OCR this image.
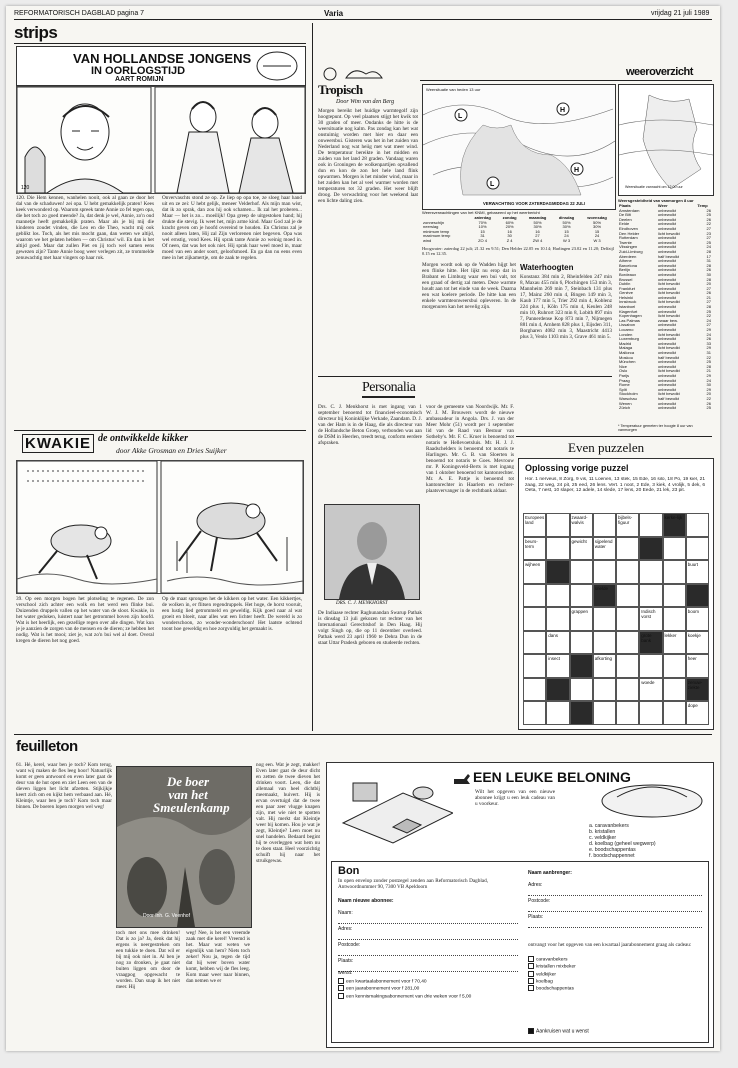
REFORMATORISCH DAGBLAD pagina 7	Varia	vrijdag 21 juli 1989
strips
120
VAN HOLLANDSE JONGENS
IN OORLOGSTIJD
AART ROMIJN
120. Die Hem kennen, wanhelen nooit, ook al gaan ze door het dal van de schaduwen! zei opa. U hebt gemakkelijk praten! Kees keek verwonderd op. Waarom spreek tante Annie zo fel tegen opa, die het toch zo goed meende? Ja, dat denk je wel, Annie, zo'n oud mannetje heeft gemakkelijk praten. Maar als je bij mij die kinderen zoudet vinden, die Leo en die Theo, wacht mij ook geblikt los. Toch, als het mis mocht gaan, dan weten we altijd, waarom we het gelaten hebben — om Christus' wil. En dan is het altijd goed. Maar dat zullen Piet en jij toch wel samen eens gewezen zijn? Tante Annie boog weer verlegen zit, ze trommelde zenuwachtig met haar vingers op haar rok.
Onvervaschts stond ze op. Ze liep op opa toe, ze sloeg haar hand uit en ze zei: U hebt gelijk, meneer Velderhof. Als mijn man wist, dat ik zo sprak, dan zou hij ook schamen... Ik zal het proberen... Maar — het is zo... moeilijk! Opa greep de uitgestoken hand; hij drukte die stevig. Ik weet het, mijn arme kind. Maar God zal je de kracht geven om je hoofd overeind te houden. En Christus zal je nooit alleen laten, Hij zal Zijn verlorenen niet begeven. Opa was wel ernstig, vond Kees. Hij sprak tante Annie zo weinig moed in. Of neen, dat was het ook niet. Hij sprak haar weel moed in, maar moed van een ander soort, geloofsmoed. En ga dan nu eens even mee in het zijkamertje, om de zaak te regelen.
KWAKIE de ontwikkelde kikker
door Akke Grosman en Dries Suijker
39. Op een morgen bogen het plotseling te regenen. De zon verschool zich achter een wolk en het werd een flinke bui. Duizenden druppels vallen op het water van de sloot. Kwakie, in het water gedoken, luistert naar het getrommel boven zijn hoofd. Wat is het heerlijk, een gezellige regen over alle dingen. Wat kun je je aanzien de zorgen van de mensen en de dieren; ze hebben het nodig. Wat is het mooi; ziet je, wat zo'n bui wel al doet. Overal kregen de dieren het nog goed.
Op de maat sprongen het de kikkers op het water. Een kikkertjes, de wolken in, er flitsen regendruppels. Het hoge, de horst vooruit, een lustig lied getrommeld en geweldig. Kijk goed naar al wat groeit en bloeit, naar alles wat een lichter heeft. De wereld is zo wonderschoon, zo wonder-wonderschoon! Het laatste ochtend toont hoe geweldig en hoe zorgvuldig het gemaakt is.
Tropisch
Door Wim van den Berg
Morgen bereikt het huidige warmtegolf zijn hoogtepunt. Op veel plaatsen stijgt het kwik tot 30 graden of meer. Ondanks de hitte is de weersituatie nog kalm. Pas zondag kan het wat onstuimig worden met hier en daar een onweersbui. Gisteren was het in het zuiden van Nederland nog wat heiig met wat meer wind. De temperatuur bereikte in het midden en zuiden van het land 28 graden. Vandaag waren ook in Groningen de wolkenpartijen opvallend dun en kon de zon het hele land flink opwarmen. Morgen is het minder wind, maar in het zuiden kan het al veel warmer worden met temperaturen tot 32 graden. Het weer blijft droog. De verwachting voor het weekend laat een lichte daling zien.
weeroverzicht
L
H
H
L
Weersituatie van heden 13 uur
VERWACHTING VOOR ZATERDAGMIDDAG 22 JULI
Weersituatie vannacht om 12.00 uur
Weersverwachtingen van het KNMI, gebaseerd op het weerbericht
	zaterdag	zondag	maandag	dinsdag	woensdag
zonneschijn	70%	60%	50%	50%	50%
neerslag	10%	20%	30%	30%	30%
minimum temp	15	16	16	15	15
maximum temp	31	30	27	24	24
wind	ZO 4	Z 4	ZW 4	W 3	W 3
Hoogwater: zaterdag 22 juli; 21.32 en 9.51; Den Helder 22.05 en 10.14; Harlingen 23.02 en 11.20; Delfzijl 0.15 en 12.35.
Morgen wordt ook op de Wadden hijgt het een flinke hitte. Het lijkt nu erop dat in Brabant en Limburg waar een bui valt, tot een graad of dertig zal meten. Deze warmte houdt aan tot het einde van de week. Daarna een wat koelere periode. De hitte kan een enkele warmteonweersbui opleveren. In de morgenuren kan het nevelig zijn.
Waterhoogten
Konstanz 384 min 2, Rheinfelden 247 min 8, Maxau 455 min 6, Plochingen 153 min 3, Mannheim 269 min 7, Steinbach 131 plus 17, Mainz 260 min 4, Bingen 149 min 3, Kaub 177 min 5, Trier 292 min 4, Koblenz 224 plus 1, Köln 175 min 4, Keulen 248 min 10, Ruhrort 323 min 8, Lobith 897 min 7, Pannerdense Kop 873 min 7, Nijmegen 881 min 4, Arnhem 828 plus 1, Eijsden 311, Borgharen 4082 min 3, Maastricht 4413 plus 3, Venlo 1103 min 3, Grave 461 min 5.
Weersgesteldheid van vanmorgen 8 uur
Plaats	Weer	Temp
Amsterdam	onbewolkt	26
De Bilt	onbewolkt	25
Deelen	onbewolkt	26
Eelde	onbewolkt	22
Eindhoven	onbewolkt	27
Den Helder	licht bewolkt	23
Rotterdam	onbewolkt	27
Twente	onbewolkt	25
Vlissingen	onbewolkt	24
Zuid-Limburg	onbewolkt	28
Aberdeen	half bewolkt	17
Athene	onbewolkt	31
Barcelona	onbewolkt	28
Berlijn	onbewolkt	26
Bordeaux	onbewolkt	30
Brussel	onbewolkt	28
Dublin	licht bewolkt	20
Frankfurt	onbewolkt	27
Genève	licht bewolkt	26
Helsinki	onbewolkt	21
Innsbruck	licht bewolkt	27
Istanboel	onbewolkt	28
Klagenfurt	onbewolkt	25
Kopenhagen	licht bewolkt	22
Las Palmas	zwaar bew.	24
Lissabon	onbewolkt	27
Locarno	onbewolkt	29
Londen	licht bewolkt	24
Luxemburg	onbewolkt	26
Madrid	onbewolkt	33
Malaga	licht bewolkt	29
Mallorca	onbewolkt	31
Moskou	half bewolkt	22
München	onbewolkt	25
Nice	onbewolkt	28
Oslo	licht bewolkt	21
Parijs	onbewolkt	29
Praag	onbewolkt	24
Rome	onbewolkt	30
Split	onbewolkt	29
Stockholm	licht bewolkt	20
Warschau	half bewolkt	22
Wenen	onbewolkt	26
Zürich	onbewolkt	25
* Temperatuur gemeten ter hoogte 8 uur van vanmorgen
Personalia
Drs. C. J. Menkhorst is met ingang van 1 september benoemd tot financieel-economisch directeur bij Koninklijke Verkade, Zaandam. D. J. van der Ham is in de Haag, die als directeur van de Hollandsche Beton Groep, verbonden was aan de DSM in Heerlen, treedt terug, conform eerdere afspraken.
DRS. C. J. MENKHORST
De Indiaase rechter Raghunandan Swarup Pathak is dinsdag 13 juli gekozen tot rechter van het Internationaal Gerechtshof in Den Haag. Hij volgt Singh op, die op 11 december overleed. Pathak werd 23 april 1960 te Dehra Dun in de staat Uttar Pradesh geboren en studeerde rechten.
voor de gemeente van Noordwijk. Mr. F. W. J. M. Brouwers wordt de nieuwe ambassadeur in Angola. Drs. J. van der Meer Mohr (51) wordt per 1 september lid van de Raad van Bestuur van Sotheby's. Mr. F. C. Kruer is benoemd tot notaris te Hellevoetsluis. Mr. H. J. J. Raadschelders is benoemd tot notaris te Harlingen. Mr. G. B. van Sloerten is benoemd tot notaris te Goes. Mevrouw mr. P. Koningsveld-Berts is met ingang van 1 oktober benoemd tot kantonrechter. Mr. A. E. Pattje is benoemd tot kantonrechter in Haarlem en rechter-plaatsvervanger in de rechtbank aldaar.
Even puzzelen
Oplossing vorige puzzel
Hor. 1 nerveus, 8 Zorg, 9 vis, 11 Loenen, 13 stek, 15 Ede, 16 silo, 18 Po, 19 kiel, 21 zaag, 22 weg, 24 pit, 25 eed, 26 lens. Vert. 1 noot, 2 Ede, 3 kiek, 4 vrolijk, 5 dek, 6 Oeta, 7 nest, 10 slaper, 12 adele, 14 slede, 17 lens, 20 Eede, 21 lek, 23 pit.
Europees land
zwaard-walvis
bijbels-figuur
kerke-lijk
beurs-term
gewicht	sijpelend water
wijheen	buurt
snelde
grappen	Indisch vorst
boom
dans	grote bank
lekker	koekje
insect	afkorting	heer
woede	zenuw-ziekte
dope
feuilleton
De boer
van het
Smeulenkamp
Door Inh. G. Veenhof
61. Hé, kerel, waar ben je toch? Kom terug, want wij maken de fles leeg hoor! Natuurlijk komt er geen antwoord en even later gaat de deur van de hut open en ziet Leen een van de dieven liggen het licht afzetten. Stijkijkje keert zich om en kijkt hem verbaasd aan. Hé, Kleintje, waar ben je toch? Kom toch maar binnen. De boeren lopen morgen wel weg!
toch met ons mee drinken! Dat is zo ja? Ja, denk dat hij ergens is neergestreken om een tukkie te doen. Dat wil er bij mij ook niet in. Al ben je nog zo dronken, je gaat niet buiten liggen om door de vraagpog opgewacht te worden. Dan snap ik het niet meer. Hij
weg! Nee, is het een vreemde zaak met die kerel! Vreemd is het. Maar wat weten we eigenlijk van hem? Niets toch zeker! Nou ja, tegen de tijd dat hij weer boven water komt, hebben wij de fles leeg. Kom maar weer naar binnen, dan nemen we er
nog een. Wat je zegt, makker! Even later gaat de deur dicht en zetten de twee dieven het drinken voort. Leen, die dat allemaal van heel dichtbij meemaakt, huivert. Hij is ervan overtuigd dat de twee een paar zeer vlugge knapen zijn, met wie niet te spotten valt. Hij merkt dat Kleintje weer bij komen. Hou je wat je zegt, Kleintje? Leen moet nu snel handelen. Bedaard begint hij te overleggen wat hem nu te doen staat. Heel voorzichtig schuift hij naar het struikgewas.
EEN LEUKE BELONING
Wilt het opgeven van een nieuwe abonnee krijgt u een leuk cadeau van u voorkeur.
a. caravanbekers
b. kristallen
c. veldkijker
d. koelbag (geheel wegwerp)
e. boodschappentas
f. boodschappennet
Bon
In open envelop zonder postzegel zenden aan Reformatorisch Dagblad, Antwoordnummer 90, 7300 VB Apeldoorn
Naam nieuwe abonnee:
Naam:
Adres:
Postcode:
Plaats:
wenst:
een kwartaalabonnement voor f 70,40
een jaarabonnement voor f 281,00
een kennismakingsabonnement van drie weken voor f 5,00
Naam aanbrenger:
Adres:
Postcode:
Plaats:
ontvangt voor het opgeven van een kwartaal jaarabonnement graag als cadeau:
caravanbekers
kristallen mixbeker
veldkijker
koelbag
boodschappentas
Aankruisen wat u wenst
